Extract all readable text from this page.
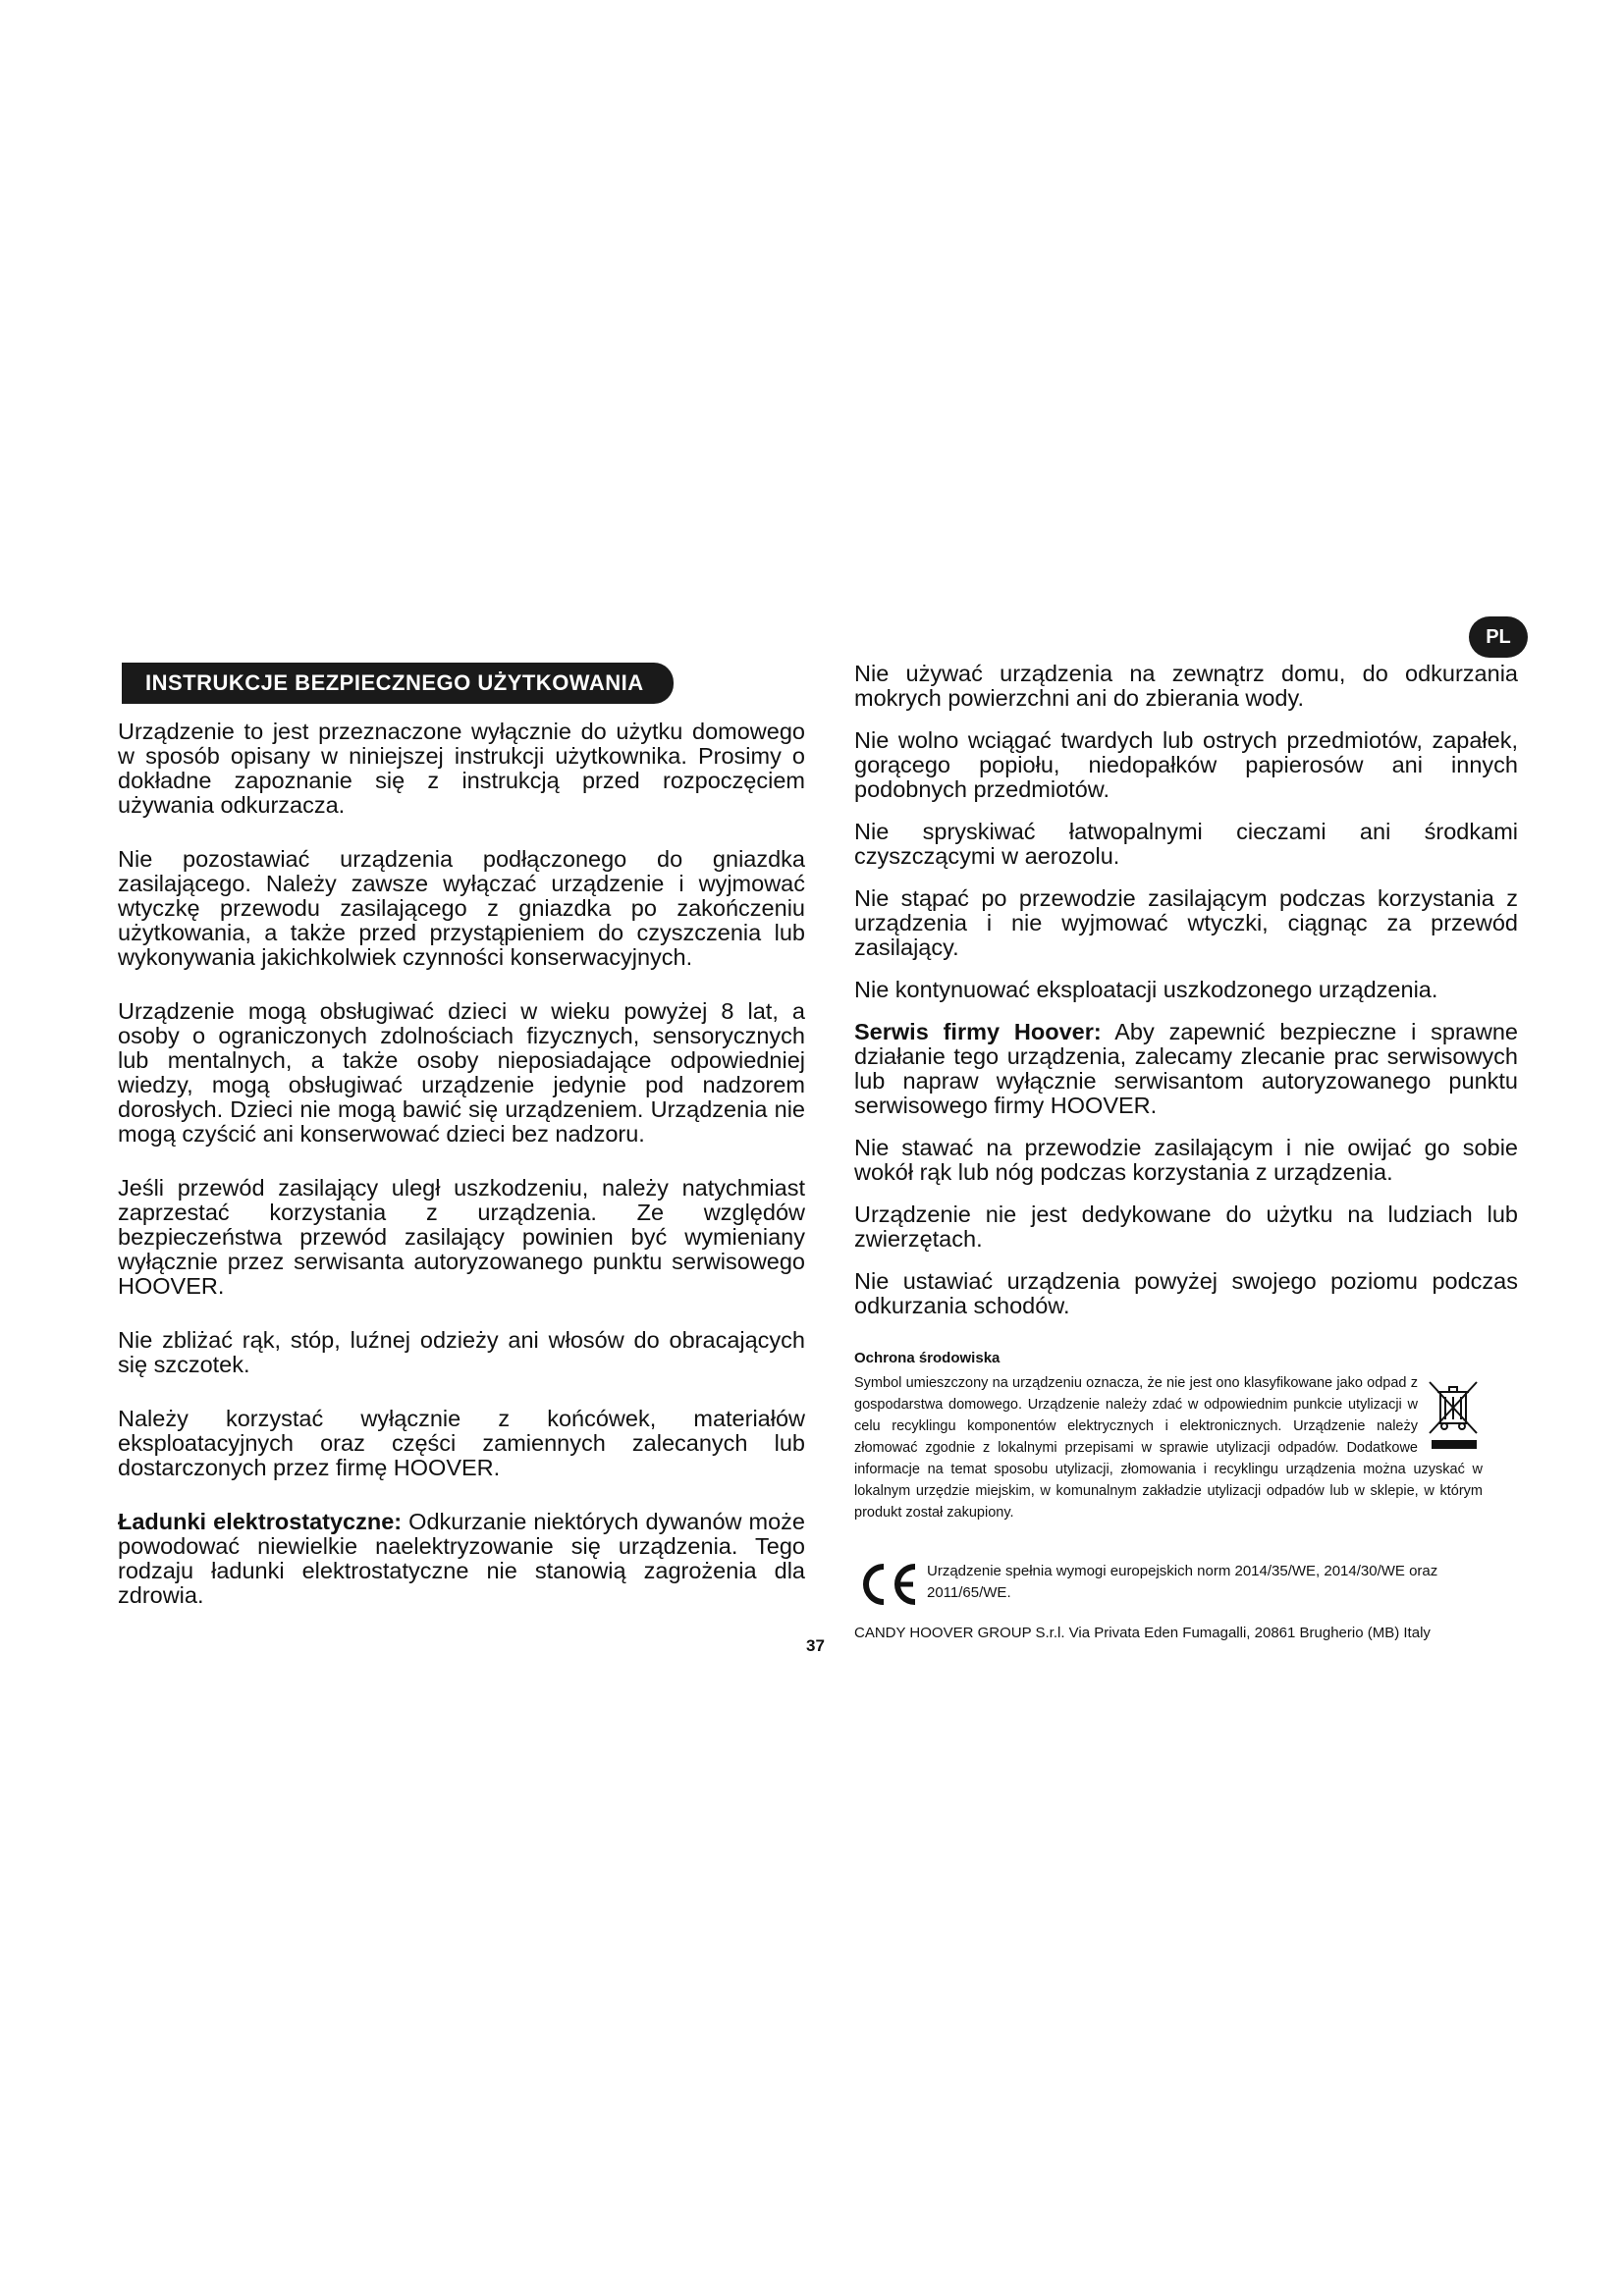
PL
INSTRUKCJE BEZPIECZNEGO UŻYTKOWANIA

Urządzenie to jest przeznaczone wyłącznie do użytku domowego w sposób opisany w niniejszej instrukcji użytkownika. Prosimy o dokładne zapoznanie się z instrukcją przed rozpoczęciem używania odkurzacza.

Nie pozostawiać urządzenia podłączonego do gniazdka zasilającego. Należy zawsze wyłączać urządzenie i wyjmować wtyczkę przewodu zasilającego z gniazdka po zakończeniu użytkowania, a także przed przystąpieniem do czyszczenia lub wykonywania jakichkolwiek czynności konserwacyjnych.

Urządzenie mogą obsługiwać dzieci w wieku powyżej 8 lat, a osoby o ograniczonych zdolnościach fizycznych, sensorycznych lub mentalnych, a także osoby nieposiadające odpowiedniej wiedzy, mogą obsługiwać urządzenie jedynie pod nadzorem dorosłych. Dzieci nie mogą bawić się urządzeniem. Urządzenia nie mogą czyścić ani konserwować dzieci bez nadzoru.

Jeśli przewód zasilający uległ uszkodzeniu, należy natychmiast zaprzestać korzystania z urządzenia. Ze względów bezpieczeństwa przewód zasilający powinien być wymieniany wyłącznie przez serwisanta autoryzowanego punktu serwisowego HOOVER.

Nie zbliżać rąk, stóp, luźnej odzieży ani włosów do obracających się szczotek.

Należy korzystać wyłącznie z końcówek, materiałów eksploatacyjnych oraz części zamiennych zalecanych lub dostarczonych przez firmę HOOVER.

Ładunki elektrostatyczne: Odkurzanie niektórych dywanów może powodować niewielkie naelektryzowanie się urządzenia. Tego rodzaju ładunki elektrostatyczne nie stanowią zagrożenia dla zdrowia.

Nie używać urządzenia na zewnątrz domu, do odkurzania mokrych powierzchni ani do zbierania wody.

Nie wolno wciągać twardych lub ostrych przedmiotów, zapałek, gorącego popiołu, niedopałków papierosów ani innych podobnych przedmiotów.

Nie spryskiwać łatwopalnymi cieczami ani środkami czyszczącymi w aerozolu.

Nie stąpać po przewodzie zasilającym podczas korzystania z urządzenia i nie wyjmować wtyczki, ciągnąc za przewód zasilający.

Nie kontynuować eksploatacji uszkodzonego urządzenia.

Serwis firmy Hoover: Aby zapewnić bezpieczne i sprawne działanie tego urządzenia, zalecamy zlecanie prac serwisowych lub napraw wyłącznie serwisantom autoryzowanego punktu serwisowego firmy HOOVER.

Nie stawać na przewodzie zasilającym i nie owijać go sobie wokół rąk lub nóg podczas korzystania z urządzenia.

Urządzenie nie jest dedykowane do użytku na ludziach lub zwierzętach.

Nie ustawiać urządzenia powyżej swojego poziomu podczas odkurzania schodów.

Ochrona środowiska
Symbol umieszczony na urządzeniu oznacza, że nie jest ono klasyfikowane jako odpad z gospodarstwa domowego. Urządzenie należy zdać w odpowiednim punkcie utylizacji w celu recyklingu komponentów elektrycznych i elektronicznych. Urządzenie należy złomować zgodnie z lokalnymi przepisami w sprawie utylizacji odpadów. Dodatkowe informacje na temat sposobu utylizacji, złomowania i recyklingu urządzenia można uzyskać w lokalnym urzędzie miejskim, w komunalnym zakładzie utylizacji odpadów lub w sklepie, w którym produkt został zakupiony.
Urządzenie spełnia wymogi europejskich norm 2014/35/WE, 2014/30/WE oraz 2011/65/WE.
37
CANDY HOOVER GROUP S.r.l. Via Privata Eden Fumagalli, 20861 Brugherio (MB) Italy
